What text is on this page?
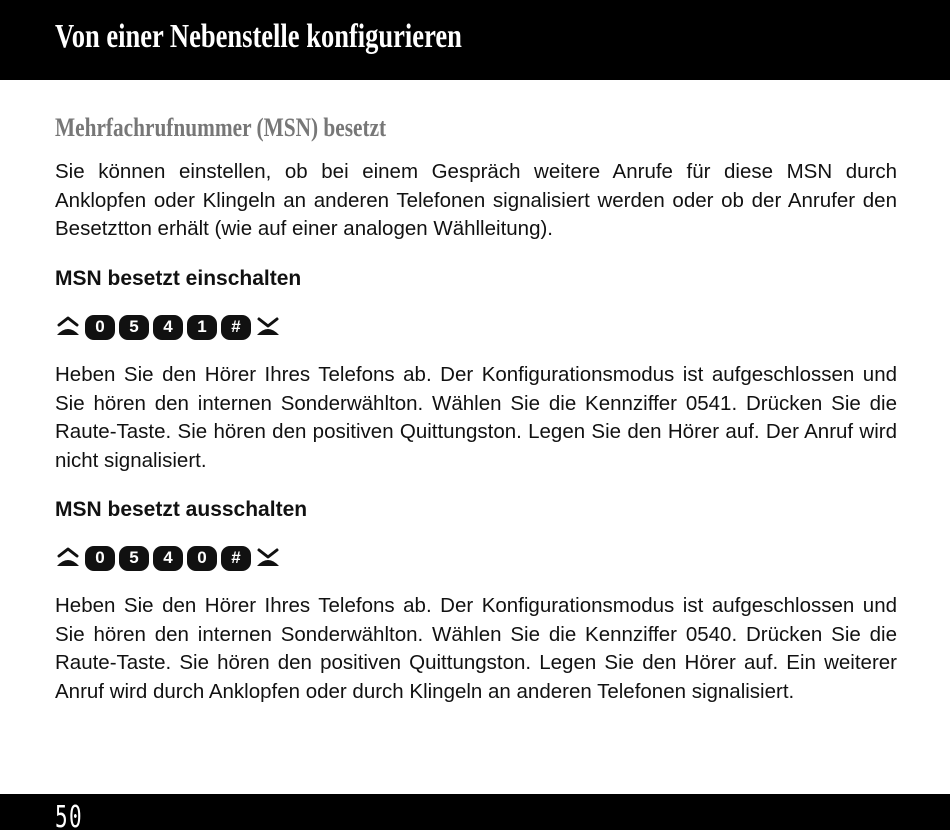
Von einer Nebenstelle konfigurieren
Mehrfachrufnummer (MSN) besetzt

Sie können einstellen, ob bei einem Gespräch weitere Anrufe für diese MSN durch Anklopfen oder Klingeln an anderen Telefonen signalisiert werden oder ob der Anrufer den Besetztton erhält (wie auf einer analogen Wählleitung).

MSN besetzt einschalten
0 5 4 1 #

Heben Sie den Hörer Ihres Telefons ab. Der Konfigurationsmodus ist aufgeschlossen und Sie hören den internen Sonderwählton. Wählen Sie die Kennziffer 0541. Drücken Sie die Raute-Taste. Sie hören den positiven Quittungston. Legen Sie den Hörer auf. Der Anruf wird nicht signalisiert.

MSN besetzt ausschalten
0 5 4 0 #

Heben Sie den Hörer Ihres Telefons ab. Der Konfigurationsmodus ist aufgeschlossen und Sie hören den internen Sonderwählton. Wählen Sie die Kennziffer 0540. Drücken Sie die Raute-Taste. Sie hören den positiven Quittungston. Legen Sie den Hörer auf. Ein weiterer Anruf wird durch Anklopfen oder durch Klingeln an anderen Telefonen signalisiert.

50
